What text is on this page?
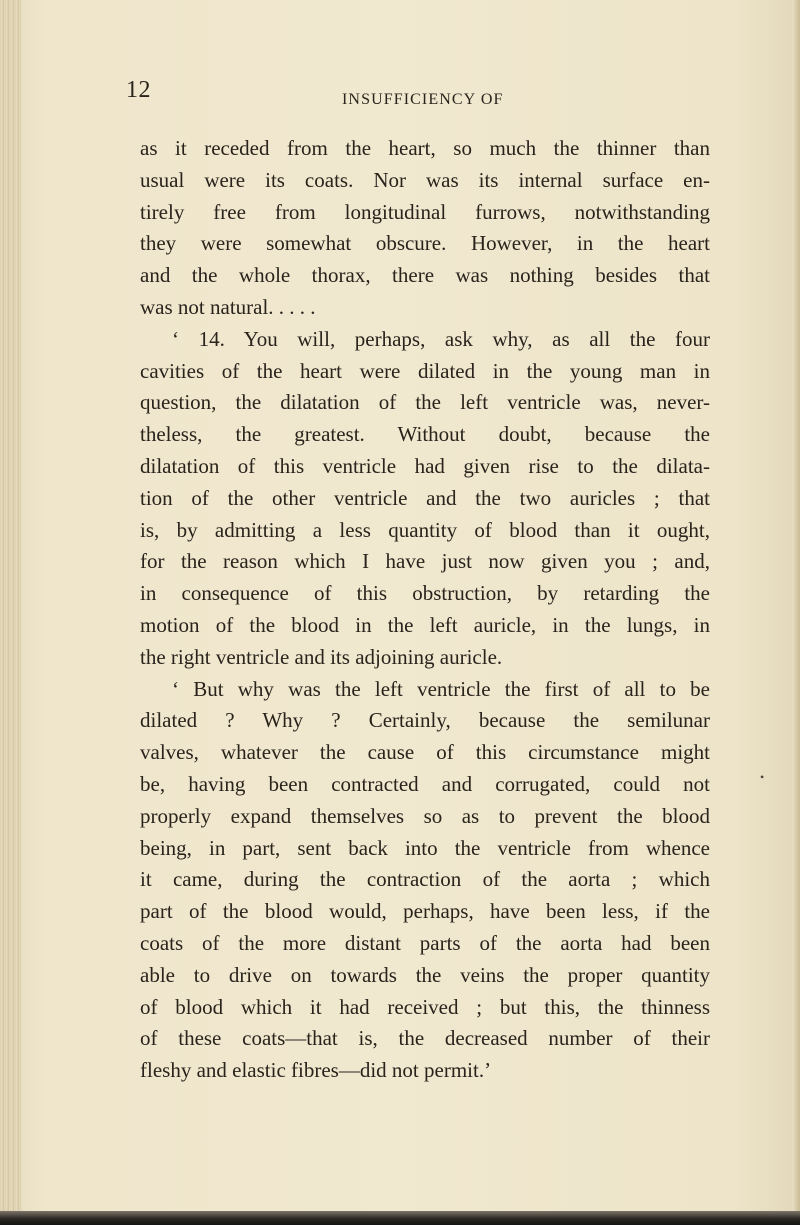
12	INSUFFICIENCY OF
as it receded from the heart, so much the thinner than
usual were its coats. Nor was its internal surface en-
tirely free from longitudinal furrows, notwithstanding
they were somewhat obscure. However, in the heart
and the whole thorax, there was nothing besides that
was not natural. . . . .
‘ 14. You will, perhaps, ask why, as all the four
cavities of the heart were dilated in the young man in
question, the dilatation of the left ventricle was, never-
theless, the greatest. Without doubt, because the
dilatation of this ventricle had given rise to the dilata-
tion of the other ventricle and the two auricles ; that
is, by admitting a less quantity of blood than it ought,
for the reason which I have just now given you ; and,
in consequence of this obstruction, by retarding the
motion of the blood in the left auricle, in the lungs, in
the right ventricle and its adjoining auricle.
‘ But why was the left ventricle the first of all to be
dilated ? Why ? Certainly, because the semilunar
valves, whatever the cause of this circumstance might
be, having been contracted and corrugated, could not
properly expand themselves so as to prevent the blood
being, in part, sent back into the ventricle from whence
it came, during the contraction of the aorta ; which
part of the blood would, perhaps, have been less, if the
coats of the more distant parts of the aorta had been
able to drive on towards the veins the proper quantity
of blood which it had received ; but this, the thinness
of these coats—that is, the decreased number of their
fleshy and elastic fibres—did not permit.’
•
